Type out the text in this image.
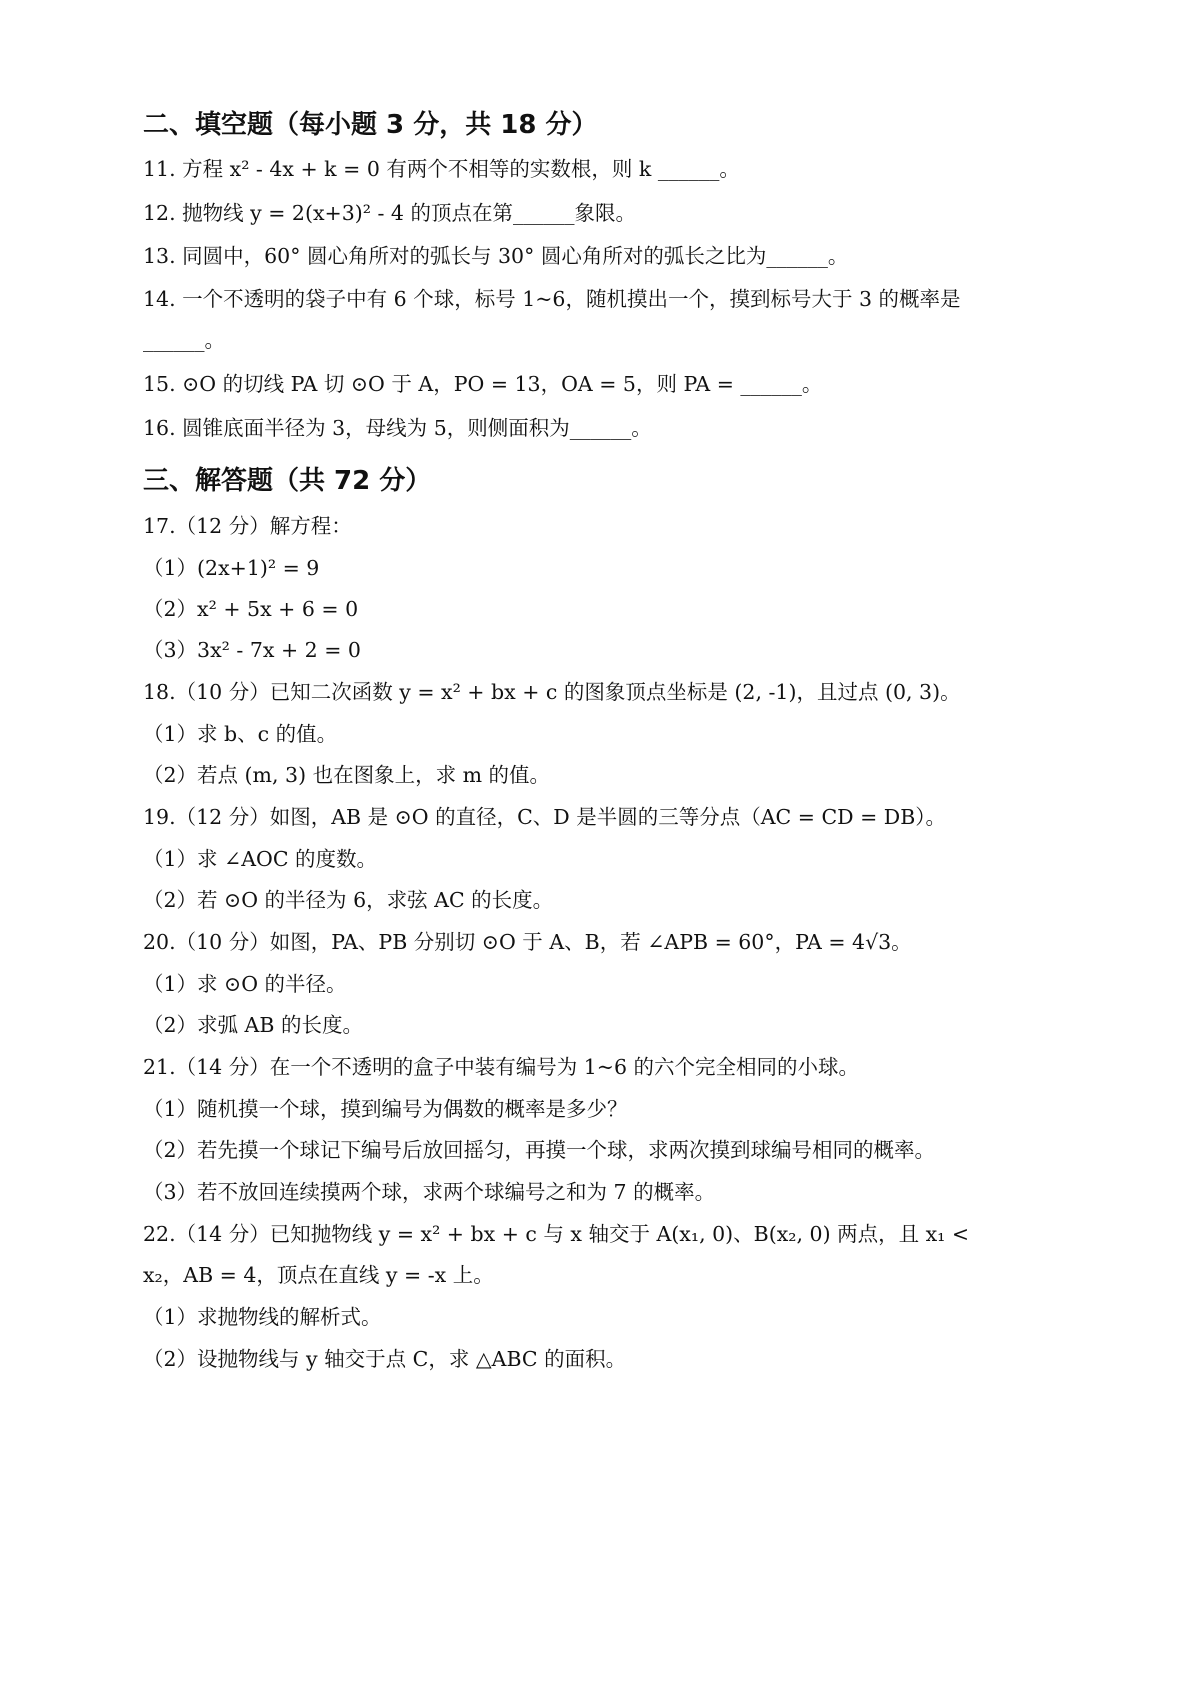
二、填空题（每小题 3 分，共 18 分）

11. 方程 x² - 4x + k = 0 有两个不相等的实数根，则 k ______。

12. 抛物线 y = 2(x+3)² - 4 的顶点在第______象限。

13. 同圆中，60° 圆心角所对的弧长与 30° 圆心角所对的弧长之比为______。

14. 一个不透明的袋子中有 6 个球，标号 1~6，随机摸出一个，摸到标号大于 3 的概率是

______。

15. ⊙O 的切线 PA 切 ⊙O 于 A，PO = 13，OA = 5，则 PA = ______。

16. 圆锥底面半径为 3，母线为 5，则侧面积为______。

三、解答题（共 72 分）

17.（12 分）解方程：

（1）(2x+1)² = 9

（2）x² + 5x + 6 = 0

（3）3x² - 7x + 2 = 0

18.（10 分）已知二次函数 y = x² + bx + c 的图象顶点坐标是 (2, -1)，且过点 (0, 3)。

（1）求 b、c 的值。

（2）若点 (m, 3) 也在图象上，求 m 的值。

19.（12 分）如图，AB 是 ⊙O 的直径，C、D 是半圆的三等分点（AC = CD = DB）。

（1）求 ∠AOC 的度数。

（2）若 ⊙O 的半径为 6，求弦 AC 的长度。

20.（10 分）如图，PA、PB 分别切 ⊙O 于 A、B，若 ∠APB = 60°，PA = 4√3。

（1）求 ⊙O 的半径。

（2）求弧 AB 的长度。

21.（14 分）在一个不透明的盒子中装有编号为 1~6 的六个完全相同的小球。

（1）随机摸一个球，摸到编号为偶数的概率是多少？

（2）若先摸一个球记下编号后放回摇匀，再摸一个球，求两次摸到球编号相同的概率。

（3）若不放回连续摸两个球，求两个球编号之和为 7 的概率。

22.（14 分）已知抛物线 y = x² + bx + c 与 x 轴交于 A(x₁, 0)、B(x₂, 0) 两点，且 x₁ <

x₂，AB = 4，顶点在直线 y = -x 上。

（1）求抛物线的解析式。

（2）设抛物线与 y 轴交于点 C，求 △ABC 的面积。
